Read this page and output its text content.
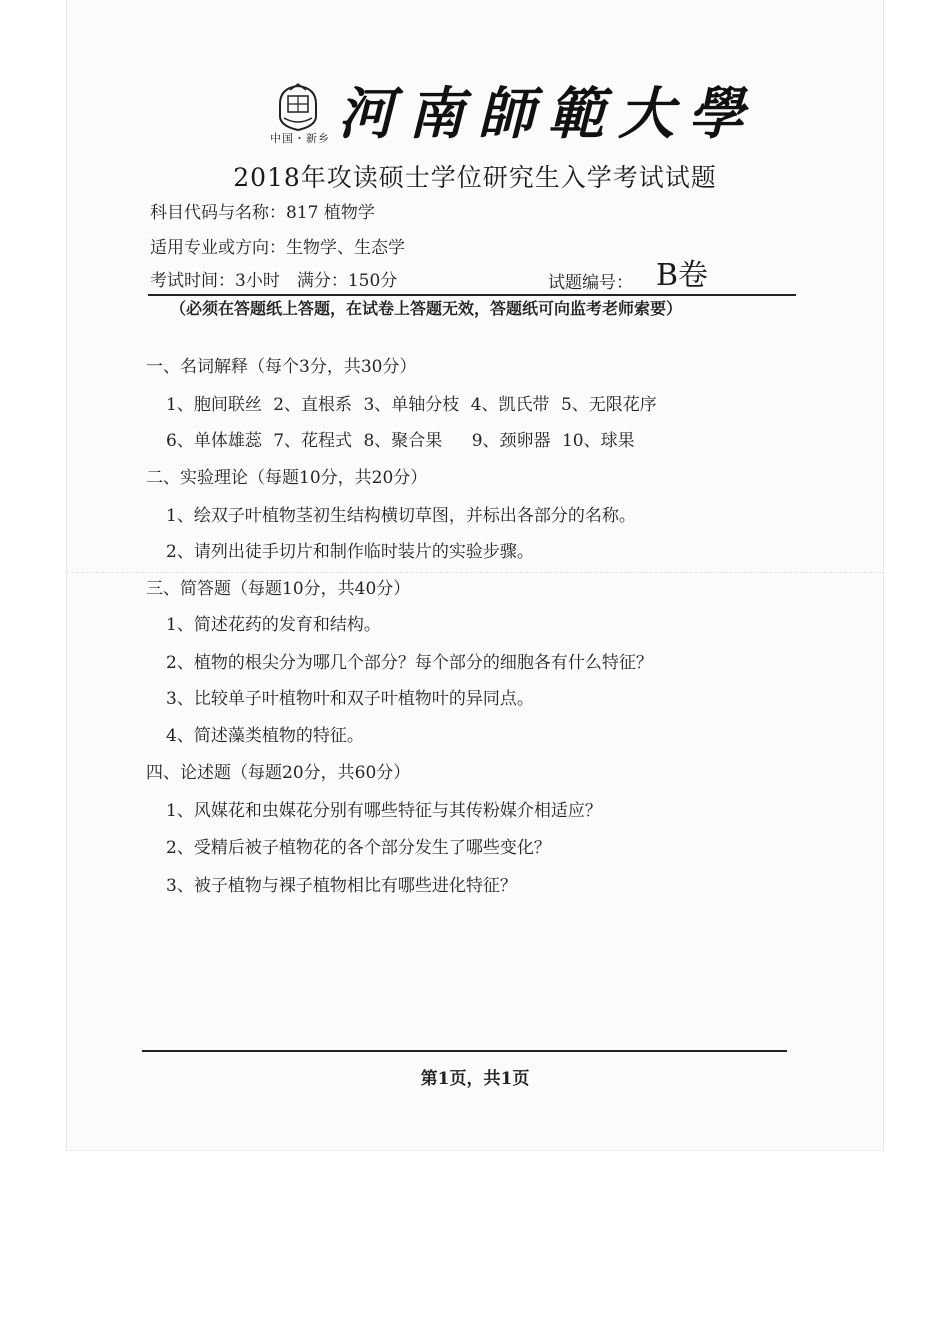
中国・新乡 河南師範大學
2018年攻读硕士学位研究生入学考试试题
科目代码与名称：817 植物学
适用专业或方向：生物学、生态学
考试时间：3小时　满分：150分	试题编号： B卷
（必须在答题纸上答题，在试卷上答题无效，答题纸可向监考老师索要）
一、名词解释（每个3分，共30分）
1、胞间联丝 2、直根系 3、单轴分枝 4、凯氏带 5、无限花序
6、单体雄蕊 7、花程式 8、聚合果 9、颈卵器 10、球果
二、实验理论（每题10分，共20分）
1、绘双子叶植物茎初生结构横切草图，并标出各部分的名称。
2、请列出徒手切片和制作临时装片的实验步骤。
三、简答题（每题10分，共40分）
1、简述花药的发育和结构。
2、植物的根尖分为哪几个部分？每个部分的细胞各有什么特征？
3、比较单子叶植物叶和双子叶植物叶的异同点。
4、简述藻类植物的特征。
四、论述题（每题20分，共60分）
1、风媒花和虫媒花分别有哪些特征与其传粉媒介相适应？
2、受精后被子植物花的各个部分发生了哪些变化？
3、被子植物与裸子植物相比有哪些进化特征？
第1页，共1页
